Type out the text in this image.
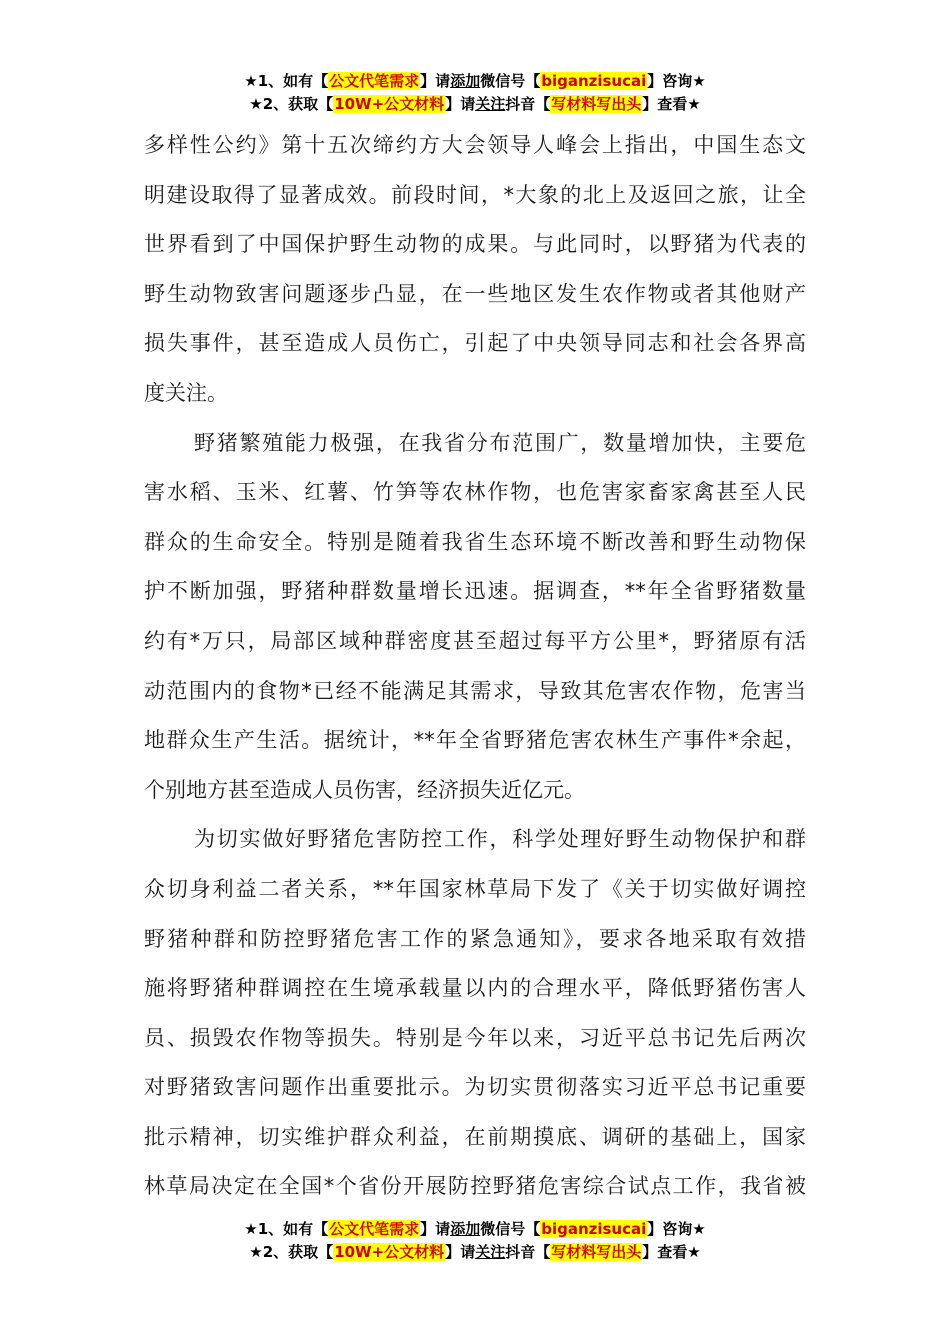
★1、如有【公文代笔需求】请添加微信号【biganzisucai】咨询★
★2、获取【10W+公文材料】请关注抖音【写材料写出头】查看★
多样性公约》第十五次缔约方大会领导人峰会上指出，中国生态文
明建设取得了显著成效。前段时间，*大象的北上及返回之旅，让全
世界看到了中国保护野生动物的成果。与此同时，以野猪为代表的
野生动物致害问题逐步凸显，在一些地区发生农作物或者其他财产
损失事件，甚至造成人员伤亡，引起了中央领导同志和社会各界高
度关注。
野猪繁殖能力极强，在我省分布范围广，数量增加快，主要危
害水稻、玉米、红薯、竹笋等农林作物，也危害家畜家禽甚至人民
群众的生命安全。特别是随着我省生态环境不断改善和野生动物保
护不断加强，野猪种群数量增长迅速。据调查，**年全省野猪数量
约有*万只，局部区域种群密度甚至超过每平方公里*，野猪原有活
动范围内的食物*已经不能满足其需求，导致其危害农作物，危害当
地群众生产生活。据统计，**年全省野猪危害农林生产事件*余起，
个别地方甚至造成人员伤害，经济损失近亿元。
为切实做好野猪危害防控工作，科学处理好野生动物保护和群
众切身利益二者关系，**年国家林草局下发了《关于切实做好调控
野猪种群和防控野猪危害工作的紧急通知》，要求各地采取有效措
施将野猪种群调控在生境承载量以内的合理水平，降低野猪伤害人
员、损毁农作物等损失。特别是今年以来，习近平总书记先后两次
对野猪致害问题作出重要批示。为切实贯彻落实习近平总书记重要
批示精神，切实维护群众利益，在前期摸底、调研的基础上，国家
林草局决定在全国*个省份开展防控野猪危害综合试点工作，我省被
★1、如有【公文代笔需求】请添加微信号【biganzisucai】咨询★
★2、获取【10W+公文材料】请关注抖音【写材料写出头】查看★
